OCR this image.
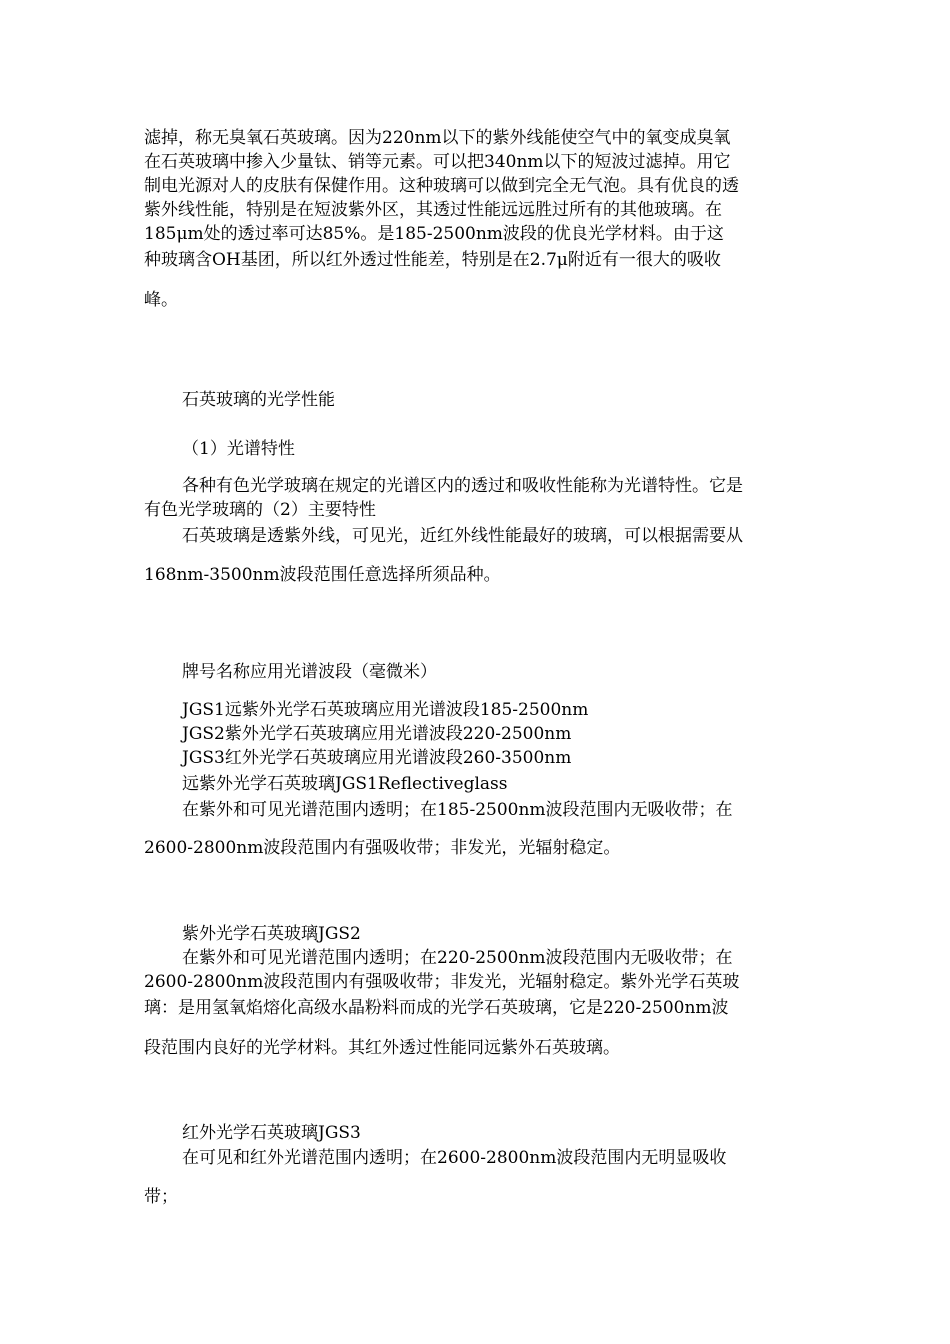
滤掉，称无臭氧石英玻璃。因为220nm以下的紫外线能使空气中的氧变成臭氧
在石英玻璃中掺入少量钛、销等元素。可以把340nm以下的短波过滤掉。用它
制电光源对人的皮肤有保健作用。这种玻璃可以做到完全无气泡。具有优良的透
紫外线性能，特别是在短波紫外区，其透过性能远远胜过所有的其他玻璃。在
185μm处的透过率可达85%。是185-2500nm波段的优良光学材料。由于这
种玻璃含OH基团，所以红外透过性能差，特别是在2.7μ附近有一很大的吸收
峰。
石英玻璃的光学性能
（1）光谱特性
各种有色光学玻璃在规定的光谱区内的透过和吸收性能称为光谱特性。它是
有色光学玻璃的（2）主要特性
石英玻璃是透紫外线，可见光，近红外线性能最好的玻璃，可以根据需要从
168nm-3500nm波段范围任意选择所须品种。
牌号名称应用光谱波段（毫微米）
JGS1远紫外光学石英玻璃应用光谱波段185-2500nm
JGS2紫外光学石英玻璃应用光谱波段220-2500nm
JGS3红外光学石英玻璃应用光谱波段260-3500nm
远紫外光学石英玻璃JGS1Reflectiveglass
在紫外和可见光谱范围内透明；在185-2500nm波段范围内无吸收带；在
2600-2800nm波段范围内有强吸收带；非发光，光辐射稳定。
紫外光学石英玻璃JGS2
在紫外和可见光谱范围内透明；在220-2500nm波段范围内无吸收带；在
2600-2800nm波段范围内有强吸收带；非发光，光辐射稳定。紫外光学石英玻
璃：是用氢氧焰熔化高级水晶粉料而成的光学石英玻璃，它是220-2500nm波
段范围内良好的光学材料。其红外透过性能同远紫外石英玻璃。
红外光学石英玻璃JGS3
在可见和红外光谱范围内透明；在2600-2800nm波段范围内无明显吸收
带；
